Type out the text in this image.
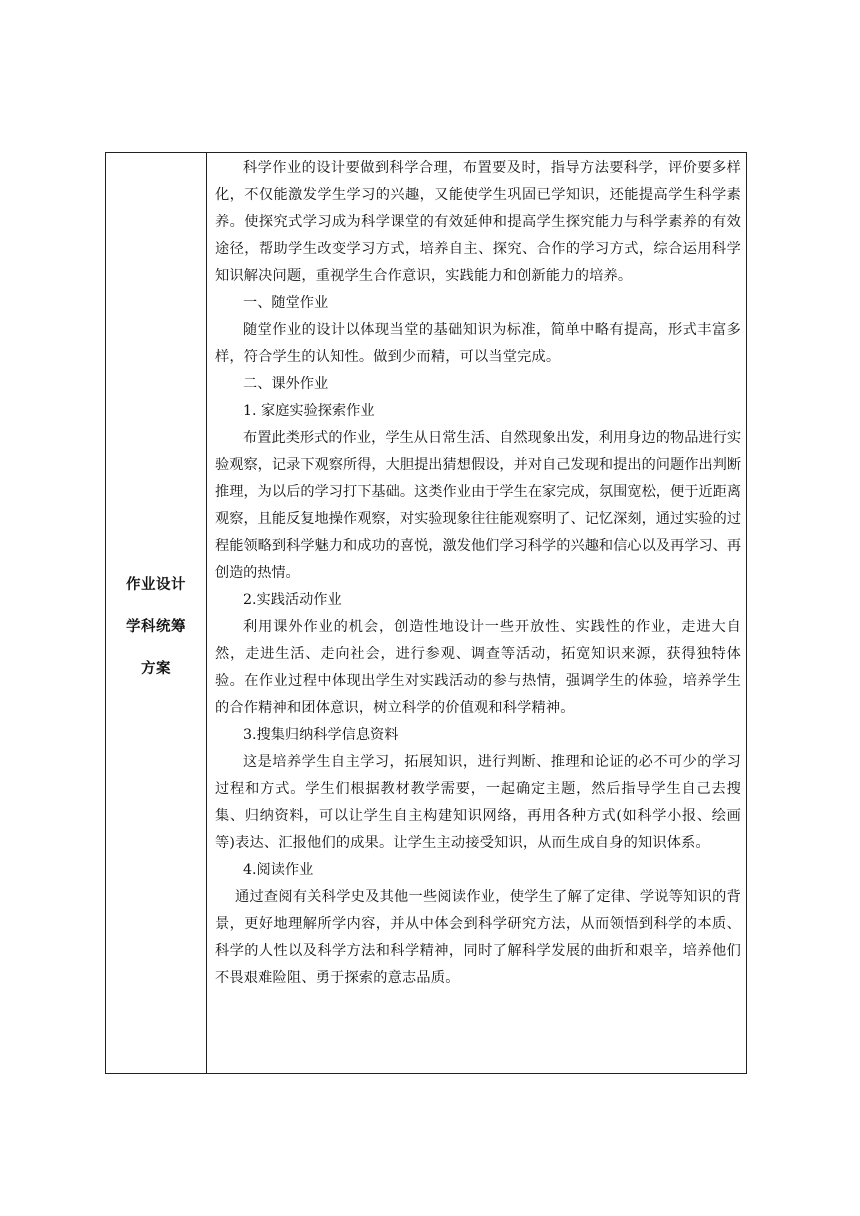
作业设计
学科统筹
方案

科学作业的设计要做到科学合理，布置要及时，指导方法要科学，评价要多样化，不仅能激发学生学习的兴趣，又能使学生巩固已学知识，还能提高学生科学素养。使探究式学习成为科学课堂的有效延伸和提高学生探究能力与科学素养的有效途径，帮助学生改变学习方式，培养自主、探究、合作的学习方式，综合运用科学知识解决问题，重视学生合作意识，实践能力和创新能力的培养。

一、随堂作业

随堂作业的设计以体现当堂的基础知识为标准，简单中略有提高，形式丰富多样，符合学生的认知性。做到少而精，可以当堂完成。

二、课外作业

1. 家庭实验探索作业

布置此类形式的作业，学生从日常生活、自然现象出发，利用身边的物品进行实验观察，记录下观察所得，大胆提出猜想假设，并对自己发现和提出的问题作出判断推理，为以后的学习打下基础。这类作业由于学生在家完成，氛围宽松，便于近距离观察，且能反复地操作观察，对实验现象往往能观察明了、记忆深刻，通过实验的过程能领略到科学魅力和成功的喜悦，激发他们学习科学的兴趣和信心以及再学习、再创造的热情。

2.实践活动作业

利用课外作业的机会，创造性地设计一些开放性、实践性的作业，走进大自然，走进生活、走向社会，进行参观、调查等活动，拓宽知识来源，获得独特体验。在作业过程中体现出学生对实践活动的参与热情，强调学生的体验，培养学生的合作精神和团体意识，树立科学的价值观和科学精神。

3.搜集归纳科学信息资料

这是培养学生自主学习，拓展知识，进行判断、推理和论证的必不可少的学习过程和方式。学生们根据教材教学需要，一起确定主题，然后指导学生自己去搜集、归纳资料，可以让学生自主构建知识网络，再用各种方式(如科学小报、绘画等)表达、汇报他们的成果。让学生主动接受知识，从而生成自身的知识体系。

4.阅读作业

通过查阅有关科学史及其他一些阅读作业，使学生了解了定律、学说等知识的背景，更好地理解所学内容，并从中体会到科学研究方法，从而领悟到科学的本质、科学的人性以及科学方法和科学精神，同时了解科学发展的曲折和艰辛，培养他们不畏艰难险阻、勇于探索的意志品质。
